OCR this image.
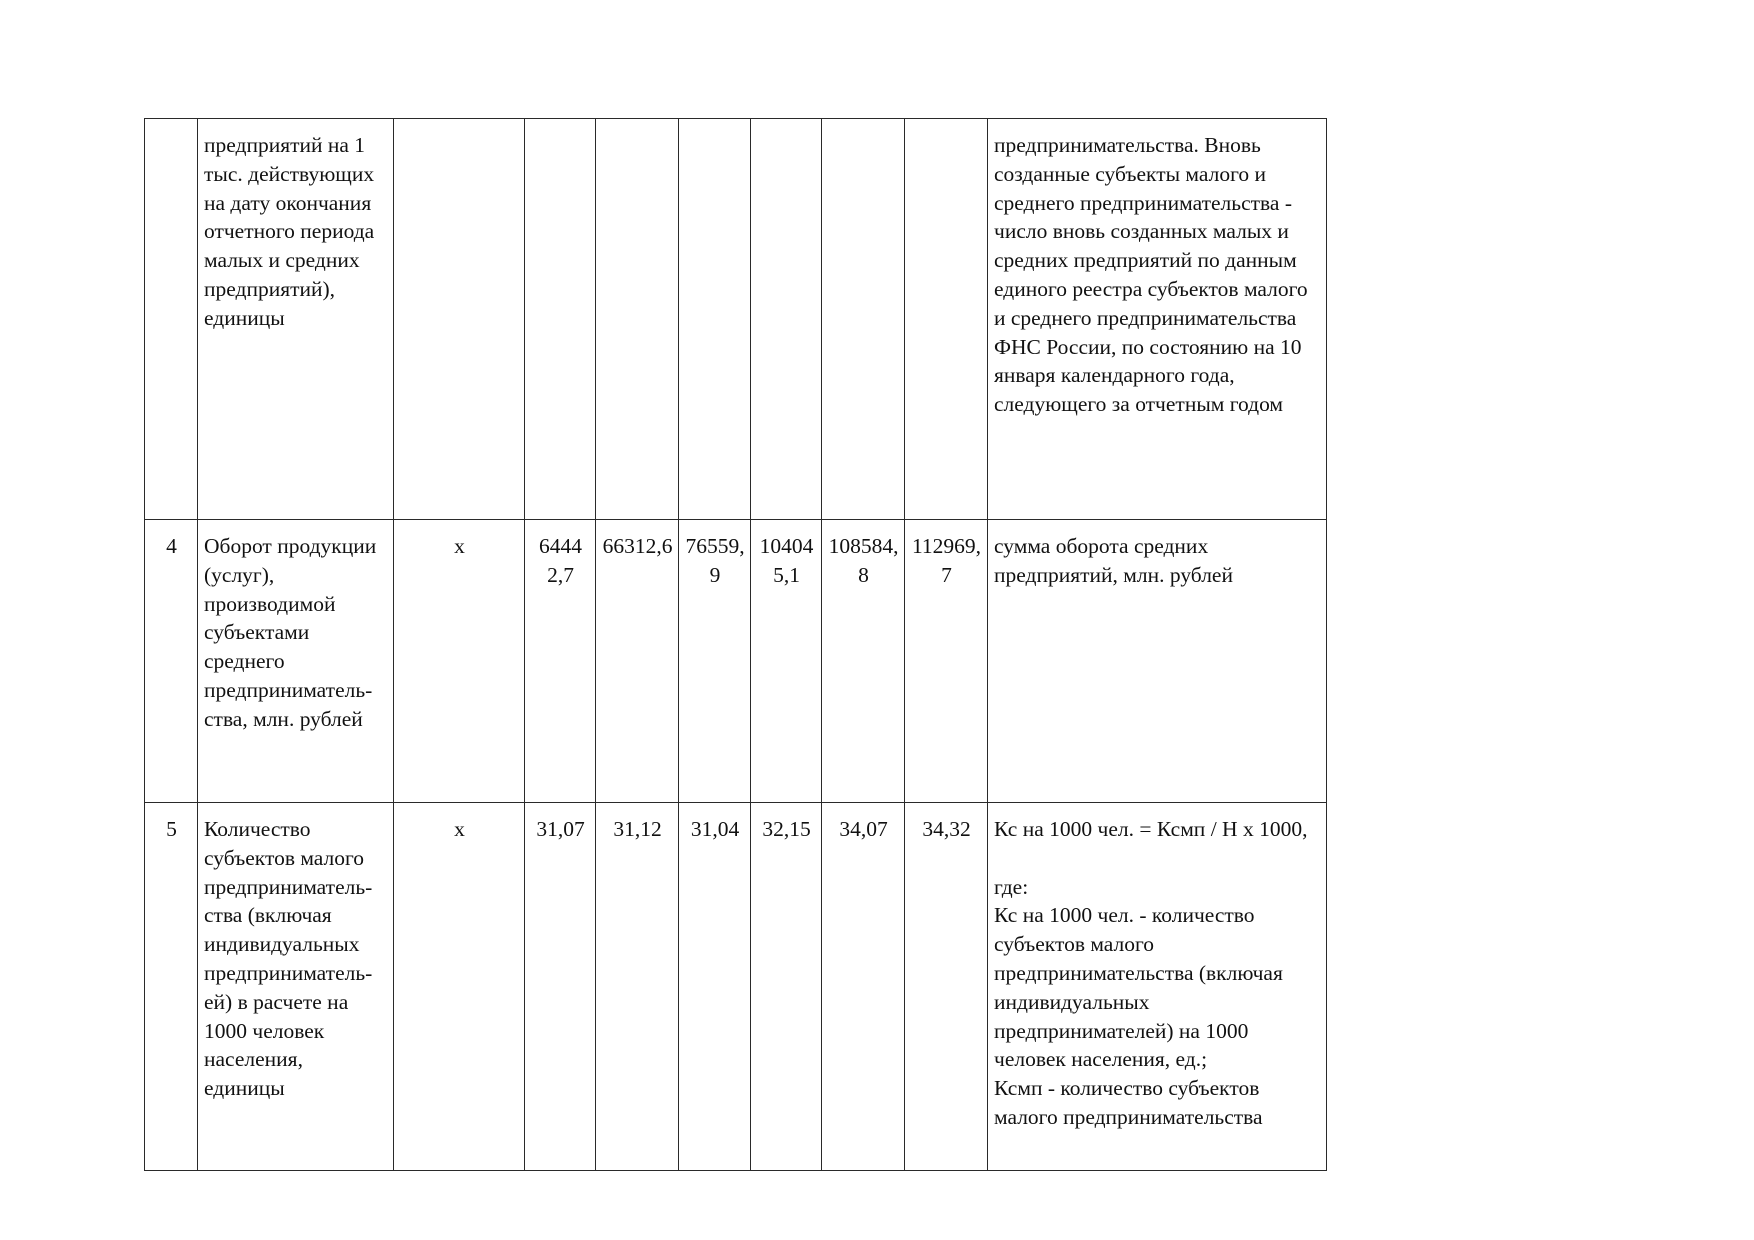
	предприятий на 1 тыс. действующих на дату окончания отчетного периода малых и средних предприятий), единицы								предпринимательства. Вновь созданные субъекты малого и среднего предпринимательства - число вновь созданных малых и средних предприятий по данным единого реестра субъектов малого и среднего предпринимательства ФНС России, по состоянию на 10 января календарного года, следующего за отчетным годом
4	Оборот продукции (услуг), производимой субъектами среднего предпринимательства, млн. рублей	х	64442,7	66312,6	76559,9	104045,1	108584,8	112969,7	сумма оборота средних предприятий, млн. рублей
5	Количество субъектов малого предпринимательства (включая индивидуальных предпринимательей) в расчете на 1000 человек населения, единицы	х	31,07	31,12	31,04	32,15	34,07	34,32	Кс на 1000 чел. = Ксмп / Н х 1000,

где:
Кс на 1000 чел. - количество субъектов малого предпринимательства (включая индивидуальных предпринимателей) на 1000 человек населения, ед.;
Ксмп - количество субъектов малого предпринимательства
